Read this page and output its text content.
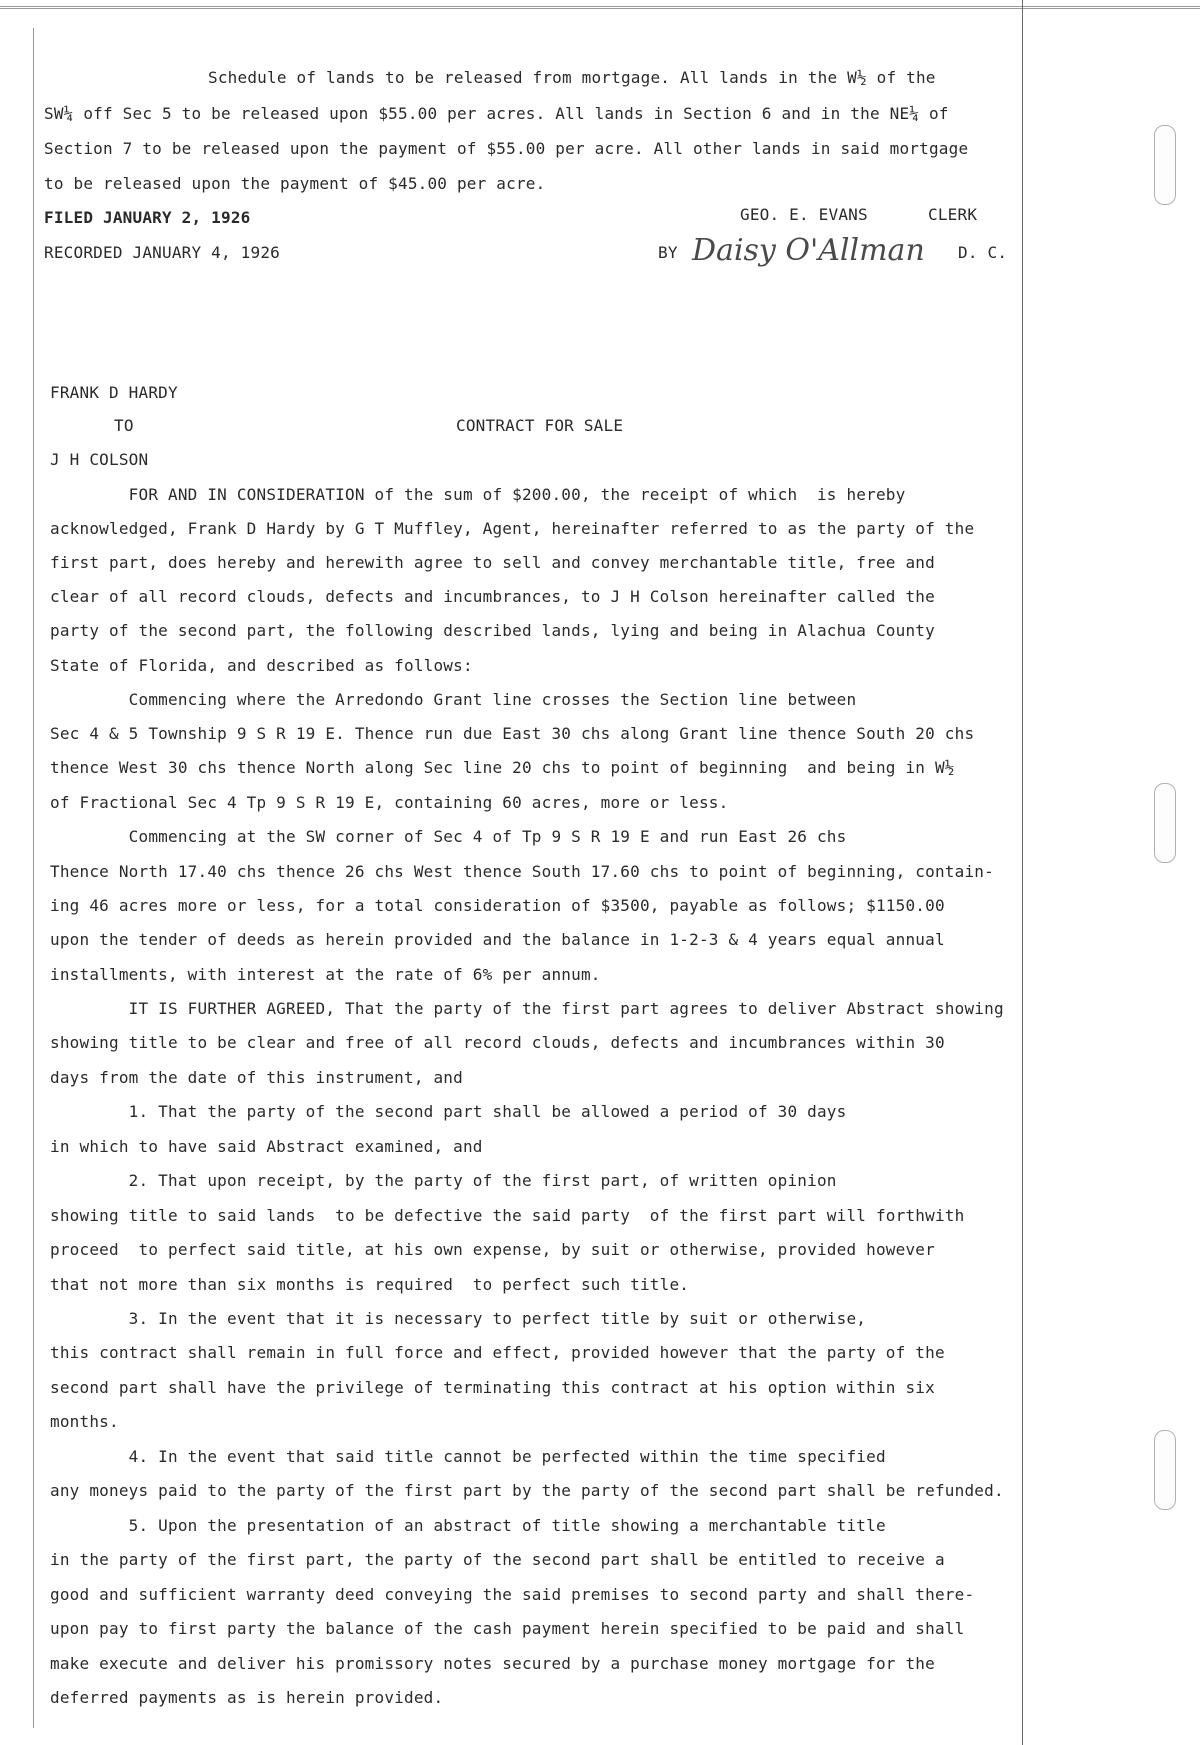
Schedule of lands to be released from mortgage. All lands in the W½ of the
SW¼ off Sec 5 to be released upon $55.00 per acres. All lands in Section 6 and in the NE¼ of
Section 7 to be released upon the payment of $55.00 per acre. All other lands in said mortgage
to be released upon the payment of $45.00 per acre.
FILED JANUARY 2, 1926	GEO. E. EVANS	CLERK
RECORDED JANUARY 4, 1926	BY Daisy O'Allman D. C.
FRANK D HARDY
TO	CONTRACT FOR SALE
J H COLSON
FOR AND IN CONSIDERATION of the sum of $200.00, the receipt of which  is hereby
acknowledged, Frank D Hardy by G T Muffley, Agent, hereinafter referred to as the party of the
first part, does hereby and herewith agree to sell and convey merchantable title, free and
clear of all record clouds, defects and incumbrances, to J H Colson hereinafter called the
party of the second part, the following described lands, lying and being in Alachua County
State of Florida, and described as follows:
Commencing where the Arredondo Grant line crosses the Section line between
Sec 4 & 5 Township 9 S R 19 E. Thence run due East 30 chs along Grant line thence South 20 chs
thence West 30 chs thence North along Sec line 20 chs to point of beginning  and being in W½
of Fractional Sec 4 Tp 9 S R 19 E, containing 60 acres, more or less.
Commencing at the SW corner of Sec 4 of Tp 9 S R 19 E and run East 26 chs
Thence North 17.40 chs thence 26 chs West thence South 17.60 chs to point of beginning, contain-
ing 46 acres more or less, for a total consideration of $3500, payable as follows; $1150.00
upon the tender of deeds as herein provided and the balance in 1-2-3 & 4 years equal annual
installments, with interest at the rate of 6% per annum.
IT IS FURTHER AGREED, That the party of the first part agrees to deliver Abstract showing
showing title to be clear and free of all record clouds, defects and incumbrances within 30
days from the date of this instrument, and
1. That the party of the second part shall be allowed a period of 30 days
in which to have said Abstract examined, and
2. That upon receipt, by the party of the first part, of written opinion
showing title to said lands  to be defective the said party  of the first part will forthwith
proceed  to perfect said title, at his own expense, by suit or otherwise, provided however
that not more than six months is required  to perfect such title.
3. In the event that it is necessary to perfect title by suit or otherwise,
this contract shall remain in full force and effect, provided however that the party of the
second part shall have the privilege of terminating this contract at his option within six
months.
4. In the event that said title cannot be perfected within the time specified
any moneys paid to the party of the first part by the party of the second part shall be refunded.
5. Upon the presentation of an abstract of title showing a merchantable title
in the party of the first part, the party of the second part shall be entitled to receive a
good and sufficient warranty deed conveying the said premises to second party and shall there-
upon pay to first party the balance of the cash payment herein specified to be paid and shall
make execute and deliver his promissory notes secured by a purchase money mortgage for the
deferred payments as is herein provided.
